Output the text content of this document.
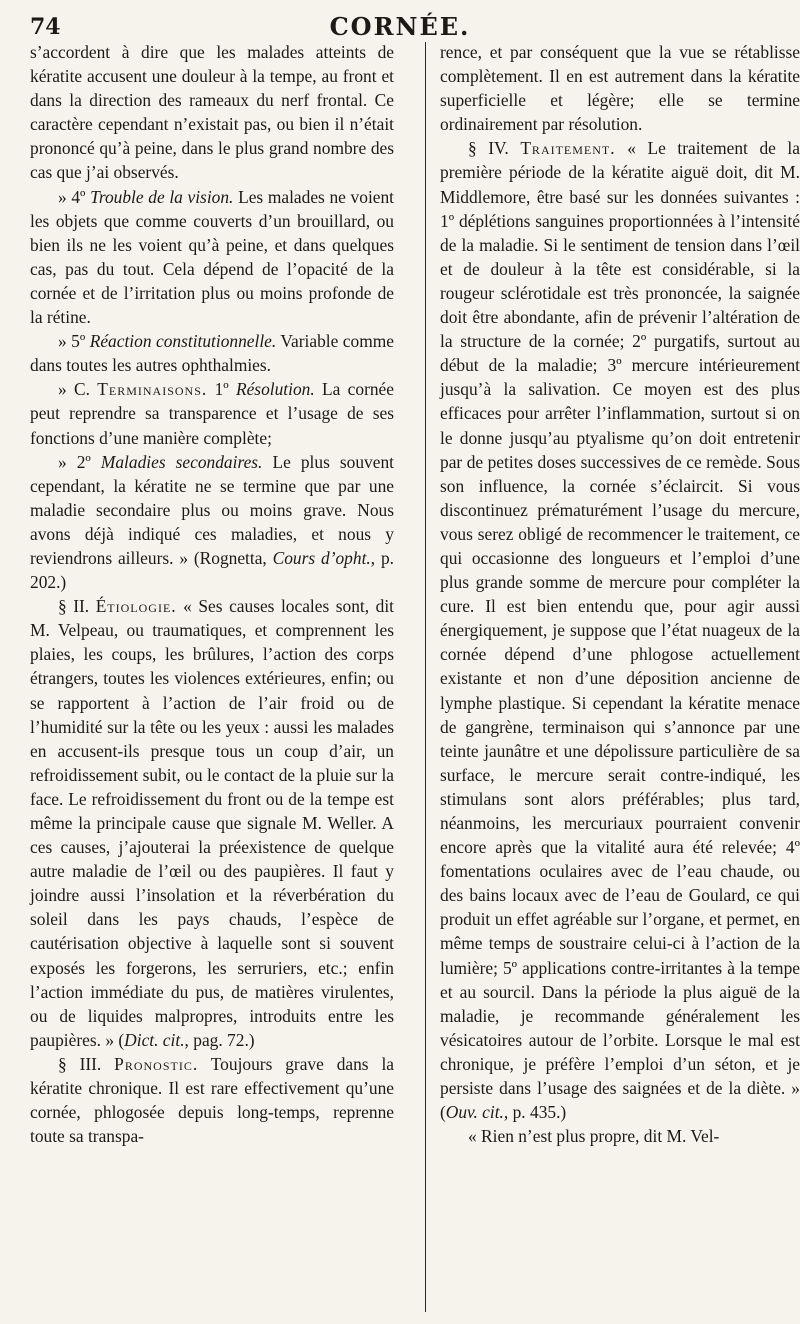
74	CORNÉE.

s’accordent à dire que les malades atteints de kératite accusent une douleur à la tempe, au front et dans la direction des rameaux du nerf frontal. Ce caractère cependant n’existait pas, ou bien il n’était prononcé qu’à peine, dans le plus grand nombre des cas que j’ai observés.

» 4º Trouble de la vision. Les malades ne voient les objets que comme couverts d’un brouillard, ou bien ils ne les voient qu’à peine, et dans quelques cas, pas du tout. Cela dépend de l’opacité de la cornée et de l’irritation plus ou moins profonde de la rétine.

» 5º Réaction constitutionnelle. Variable comme dans toutes les autres ophthalmies.

» C. Terminaisons. 1º Résolution. La cornée peut reprendre sa transparence et l’usage de ses fonctions d’une manière complète;

» 2º Maladies secondaires. Le plus souvent cependant, la kératite ne se termine que par une maladie secondaire plus ou moins grave. Nous avons déjà indiqué ces maladies, et nous y reviendrons ailleurs. » (Rognetta, Cours d’opht., p. 202.)

§ II. Étiologie. « Ses causes locales sont, dit M. Velpeau, ou traumatiques, et comprennent les plaies, les coups, les brûlures, l’action des corps étrangers, toutes les violences extérieures, enfin; ou se rapportent à l’action de l’air froid ou de l’humidité sur la tête ou les yeux : aussi les malades en accusent-ils presque tous un coup d’air, un refroidissement subit, ou le contact de la pluie sur la face. Le refroidissement du front ou de la tempe est même la principale cause que signale M. Weller. A ces causes, j’ajouterai la préexistence de quelque autre maladie de l’œil ou des paupières. Il faut y joindre aussi l’insolation et la réverbération du soleil dans les pays chauds, l’espèce de cautérisation objective à laquelle sont si souvent exposés les forgerons, les serruriers, etc.; enfin l’action immédiate du pus, de matières virulentes, ou de liquides malpropres, introduits entre les paupières. » (Dict. cit., pag. 72.)

§ III. Pronostic. Toujours grave dans la kératite chronique. Il est rare effectivement qu’une cornée, phlogosée depuis long-temps, reprenne toute sa transpa-

rence, et par conséquent que la vue se rétablisse complètement. Il en est autrement dans la kératite superficielle et légère; elle se termine ordinairement par résolution.

§ IV. Traitement. « Le traitement de la première période de la kératite aiguë doit, dit M. Middlemore, être basé sur les données suivantes : 1º déplétions sanguines proportionnées à l’intensité de la maladie. Si le sentiment de tension dans l’œil et de douleur à la tête est considérable, si la rougeur sclérotidale est très prononcée, la saignée doit être abondante, afin de prévenir l’altération de la structure de la cornée; 2º purgatifs, surtout au début de la maladie; 3º mercure intérieurement jusqu’à la salivation. Ce moyen est des plus efficaces pour arrêter l’inflammation, surtout si on le donne jusqu’au ptyalisme qu’on doit entretenir par de petites doses successives de ce remède. Sous son influence, la cornée s’éclaircit. Si vous discontinuez prématurément l’usage du mercure, vous serez obligé de recommencer le traitement, ce qui occasionne des longueurs et l’emploi d’une plus grande somme de mercure pour compléter la cure. Il est bien entendu que, pour agir aussi énergiquement, je suppose que l’état nuageux de la cornée dépend d’une phlogose actuellement existante et non d’une déposition ancienne de lymphe plastique. Si cependant la kératite menace de gangrène, terminaison qui s’annonce par une teinte jaunâtre et une dépolissure particulière de sa surface, le mercure serait contre-indiqué, les stimulans sont alors préférables; plus tard, néanmoins, les mercuriaux pourraient convenir encore après que la vitalité aura été relevée; 4º fomentations oculaires avec de l’eau chaude, ou des bains locaux avec de l’eau de Goulard, ce qui produit un effet agréable sur l’organe, et permet, en même temps de soustraire celui-ci à l’action de la lumière; 5º applications contre-irritantes à la tempe et au sourcil. Dans la période la plus aiguë de la maladie, je recommande généralement les vésicatoires autour de l’orbite. Lorsque le mal est chronique, je préfère l’emploi d’un séton, et je persiste dans l’usage des saignées et de la diète. » (Ouv. cit., p. 435.)

« Rien n’est plus propre, dit M. Vel-
